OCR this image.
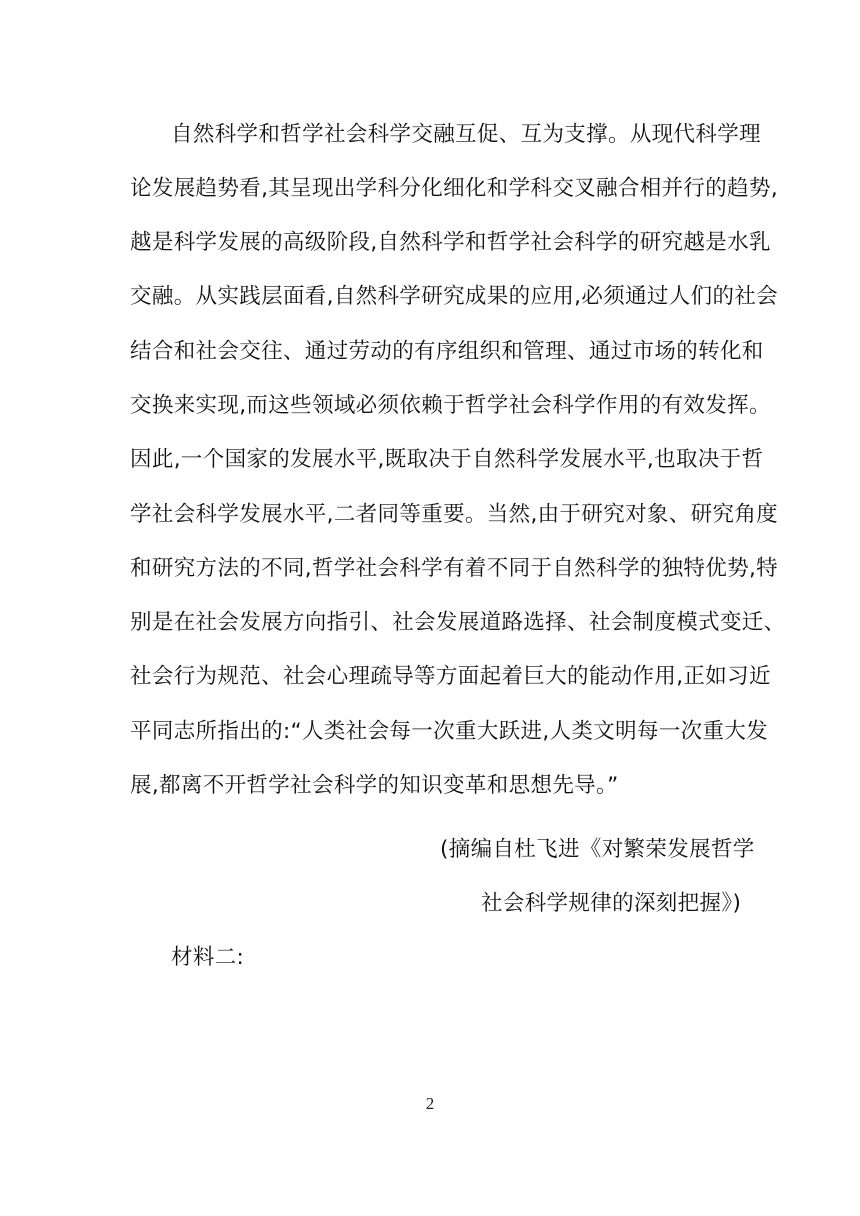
自然科学和哲学社会科学交融互促、互为支撑。从现代科学理
论发展趋势看,其呈现出学科分化细化和学科交叉融合相并行的趋势,
越是科学发展的高级阶段,自然科学和哲学社会科学的研究越是水乳
交融。从实践层面看,自然科学研究成果的应用,必须通过人们的社会
结合和社会交往、通过劳动的有序组织和管理、通过市场的转化和
交换来实现,而这些领域必须依赖于哲学社会科学作用的有效发挥。
因此,一个国家的发展水平,既取决于自然科学发展水平,也取决于哲
学社会科学发展水平,二者同等重要。当然,由于研究对象、研究角度
和研究方法的不同,哲学社会科学有着不同于自然科学的独特优势,特
别是在社会发展方向指引、社会发展道路选择、社会制度模式变迁、
社会行为规范、社会心理疏导等方面起着巨大的能动作用,正如习近
平同志所指出的:“人类社会每一次重大跃进,人类文明每一次重大发
展,都离不开哲学社会科学的知识变革和思想先导。”
(摘编自杜飞进《对繁荣发展哲学
社会科学规律的深刻把握》)
材料二:
2
